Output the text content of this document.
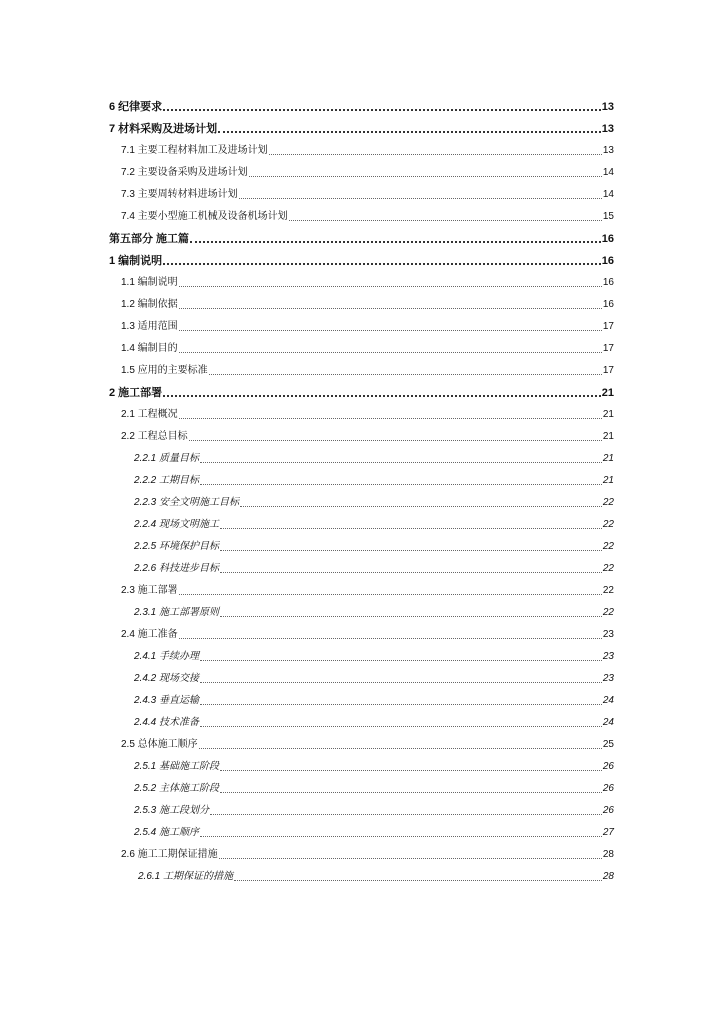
6 纪律要求	13
7 材料采购及进场计划	13
7.1 主要工程材料加工及进场计划	13
7.2 主要设备采购及进场计划	14
7.3 主要周转材料进场计划	14
7.4 主要小型施工机械及设备机场计划	15
第五部分 施工篇	16
1 编制说明	16
1.1 编制说明	16
1.2 编制依据	16
1.3 适用范围	17
1.4 编制目的	17
1.5 应用的主要标准	17
2 施工部署	21
2.1 工程概况	21
2.2 工程总目标	21
2.2.1 质量目标	21
2.2.2 工期目标	21
2.2.3 安全文明施工目标	22
2.2.4 现场文明施工	22
2.2.5 环境保护目标	22
2.2.6 科技进步目标	22
2.3 施工部署	22
2.3.1 施工部署原则	22
2.4 施工准备	23
2.4.1 手续办理	23
2.4.2 现场交接	23
2.4.3 垂直运输	24
2.4.4 技术准备	24
2.5 总体施工顺序	25
2.5.1 基础施工阶段	26
2.5.2 主体施工阶段	26
2.5.3 施工段划分	26
2.5.4 施工顺序	27
2.6 施工工期保证措施	28
2.6.1 工期保证的措施	28
